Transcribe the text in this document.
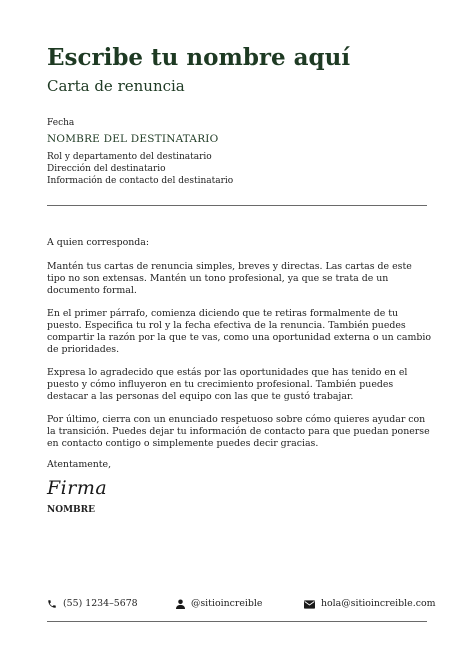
Escribe tu nombre aquí
Carta de renuncia
Fecha
NOMBRE DEL DESTINATARIO
Rol y departamento del destinatario
Dirección del destinatario
Información de contacto del destinatario

A quien corresponda:

Mantén tus cartas de renuncia simples, breves y directas. Las cartas de este tipo no son extensas. Mantén un tono profesional, ya que se trata de un documento formal.

En el primer párrafo, comienza diciendo que te retiras formalmente de tu puesto. Especifica tu rol y la fecha efectiva de la renuncia. También puedes compartir la razón por la que te vas, como una oportunidad externa o un cambio de prioridades.

Expresa lo agradecido que estás por las oportunidades que has tenido en el puesto y cómo influyeron en tu crecimiento profesional. También puedes destacar a las personas del equipo con las que te gustó trabajar.

Por último, cierra con un enunciado respetuoso sobre cómo quieres ayudar con la transición. Puedes dejar tu información de contacto para que puedan ponerse en contacto contigo o simplemente puedes decir gracias.

Atentamente,
Firma
NOMBRE
(55) 1234–5678	@sitioincreible	hola@sitioincreible.com
